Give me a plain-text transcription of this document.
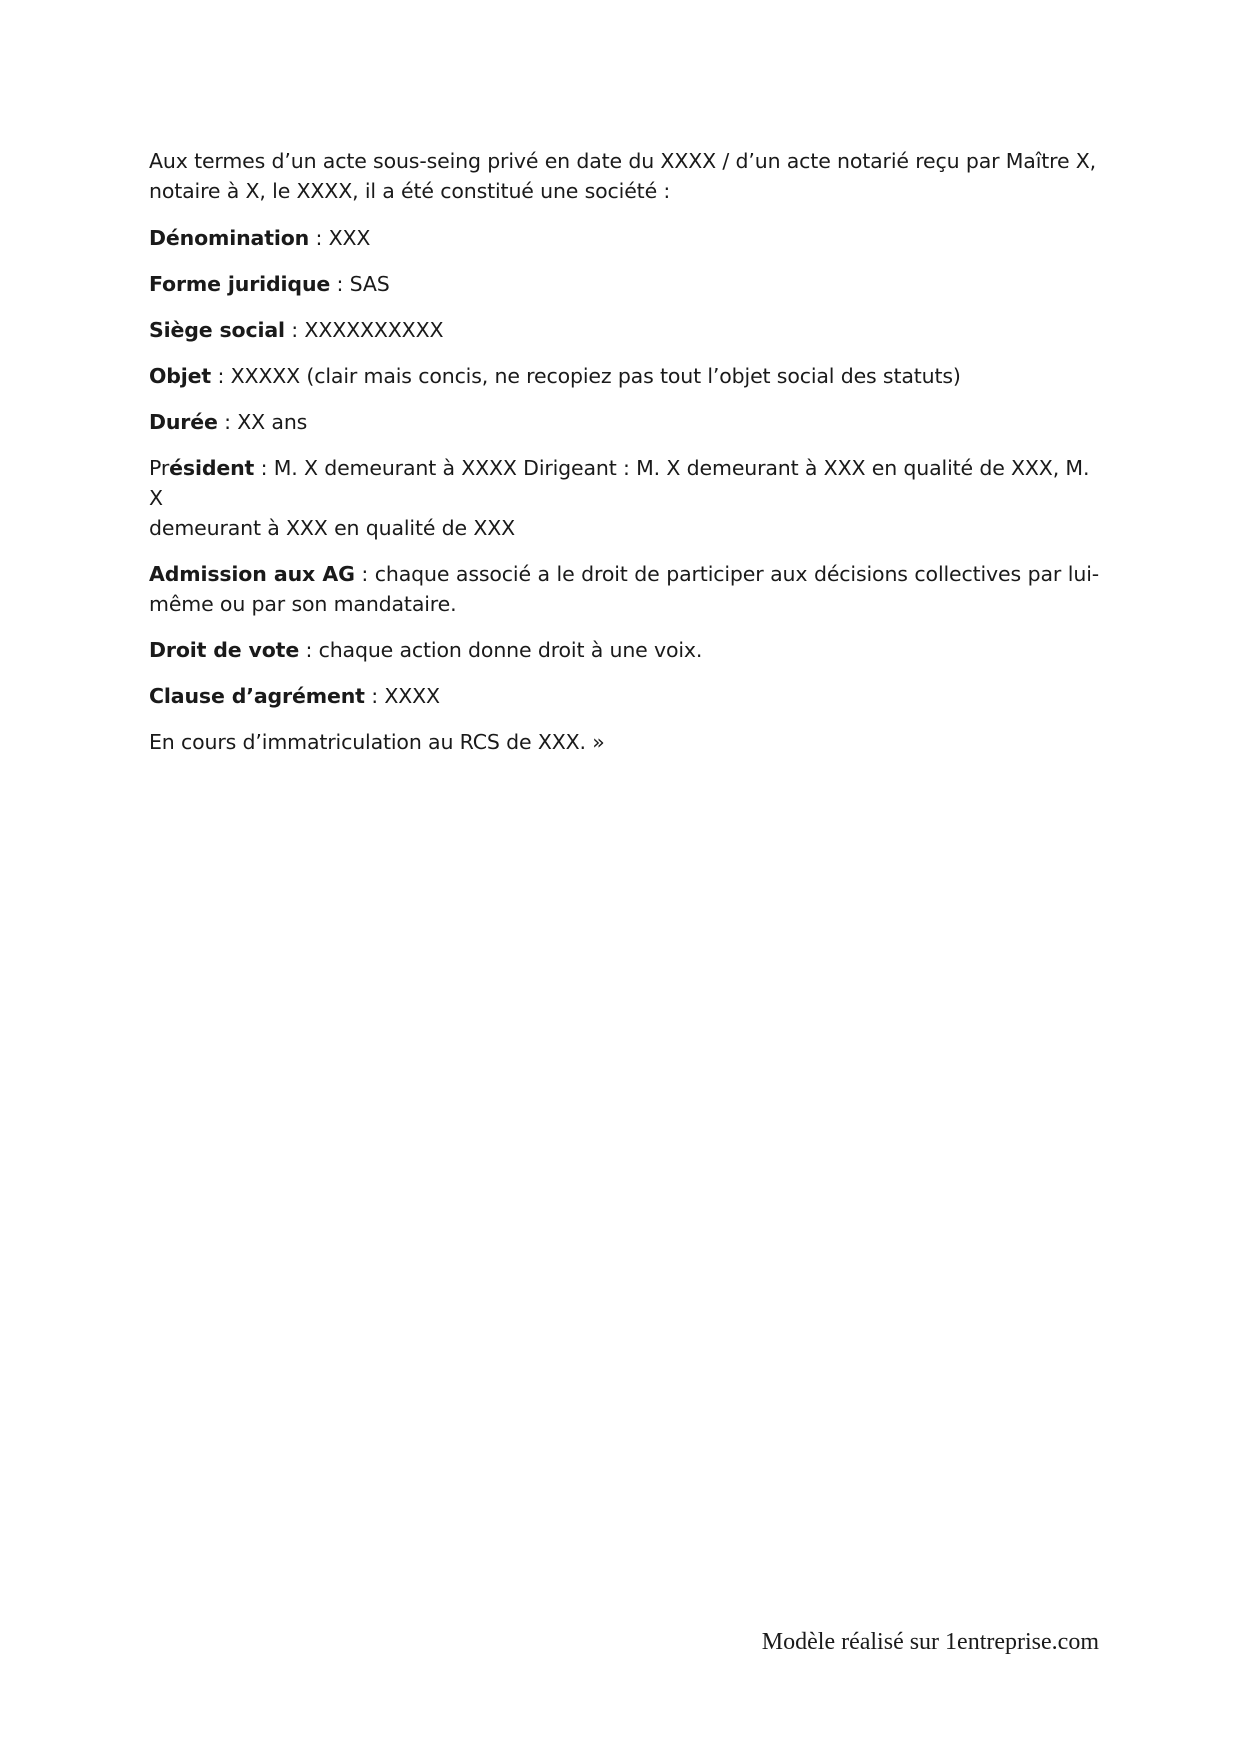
Aux termes d’un acte sous-seing privé en date du XXXX / d’un acte notarié reçu par Maître X,
notaire à X, le XXXX, il a été constitué une société :

Dénomination : XXX

Forme juridique : SAS

Siège social : XXXXXXXXXX

Objet : XXXXX (clair mais concis, ne recopiez pas tout l’objet social des statuts)

Durée : XX ans

Président : M. X demeurant à XXXX Dirigeant : M. X demeurant à XXX en qualité de XXX, M. X
demeurant à XXX en qualité de XXX

Admission aux AG : chaque associé a le droit de participer aux décisions collectives par lui-même ou par son mandataire.

Droit de vote : chaque action donne droit à une voix.

Clause d’agrément : XXXX

En cours d’immatriculation au RCS de XXX. »

Modèle réalisé sur 1entreprise.com
